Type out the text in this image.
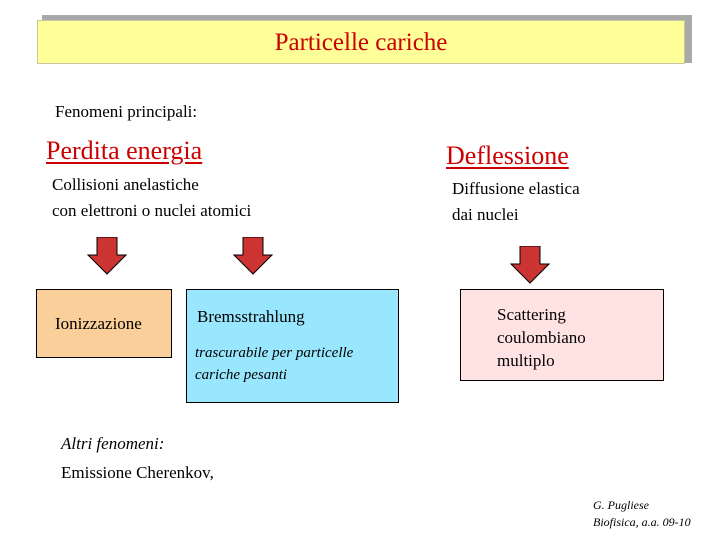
Particelle cariche
Fenomeni principali:
Perdita energia
Collisioni anelastiche
con elettroni o nuclei atomici
Deflessione
Diffusione elastica
dai nuclei
Ionizzazione	Bremsstrahlung
trascurabile per particelle
cariche pesanti
Scattering
coulombiano
multiplo
Altri fenomeni:
Emissione Cherenkov,
G. Pugliese
Biofisica, a.a. 09-10
